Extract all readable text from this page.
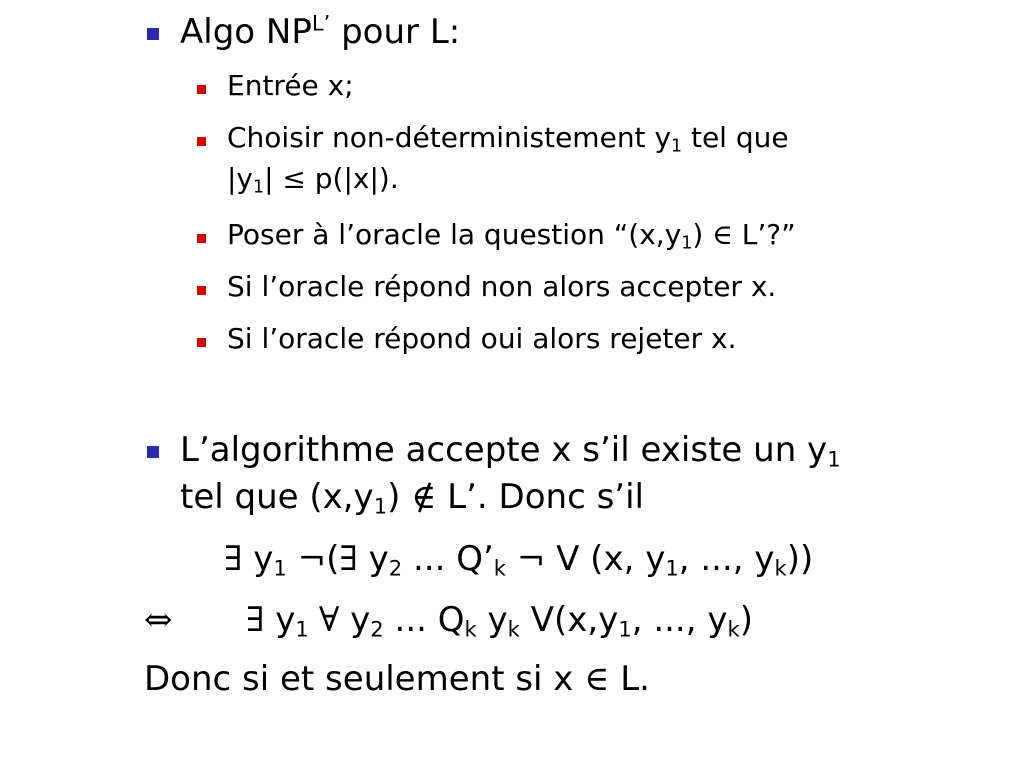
Algo $NP^{L’}$ pour L:
Entrée x;
Choisir non-déterministement $y_1$ tel que
$|y_1| \le p(|x|)$.
Poser à l’oracle la question “$(x,y_1)$ ∈ L’?”
Si l’oracle répond non alors accepter x.
Si l’oracle répond oui alors rejeter x.
L’algorithme accepte x s’il existe un $y_1$
tel que $(x,y_1)$ ∉ L’. Donc s’il
∃ $y_1$ ¬(∃ $y_2$ ... $Q’_k$ ¬ V (x, $y_1$, ..., $y_k$))
⇔ ∃ $y_1$ ∀ $y_2$ ... $Q_k$ $y_k$ $V(x,y_1$, ..., $y_k$)
Donc si et seulement si x ∈ L.
